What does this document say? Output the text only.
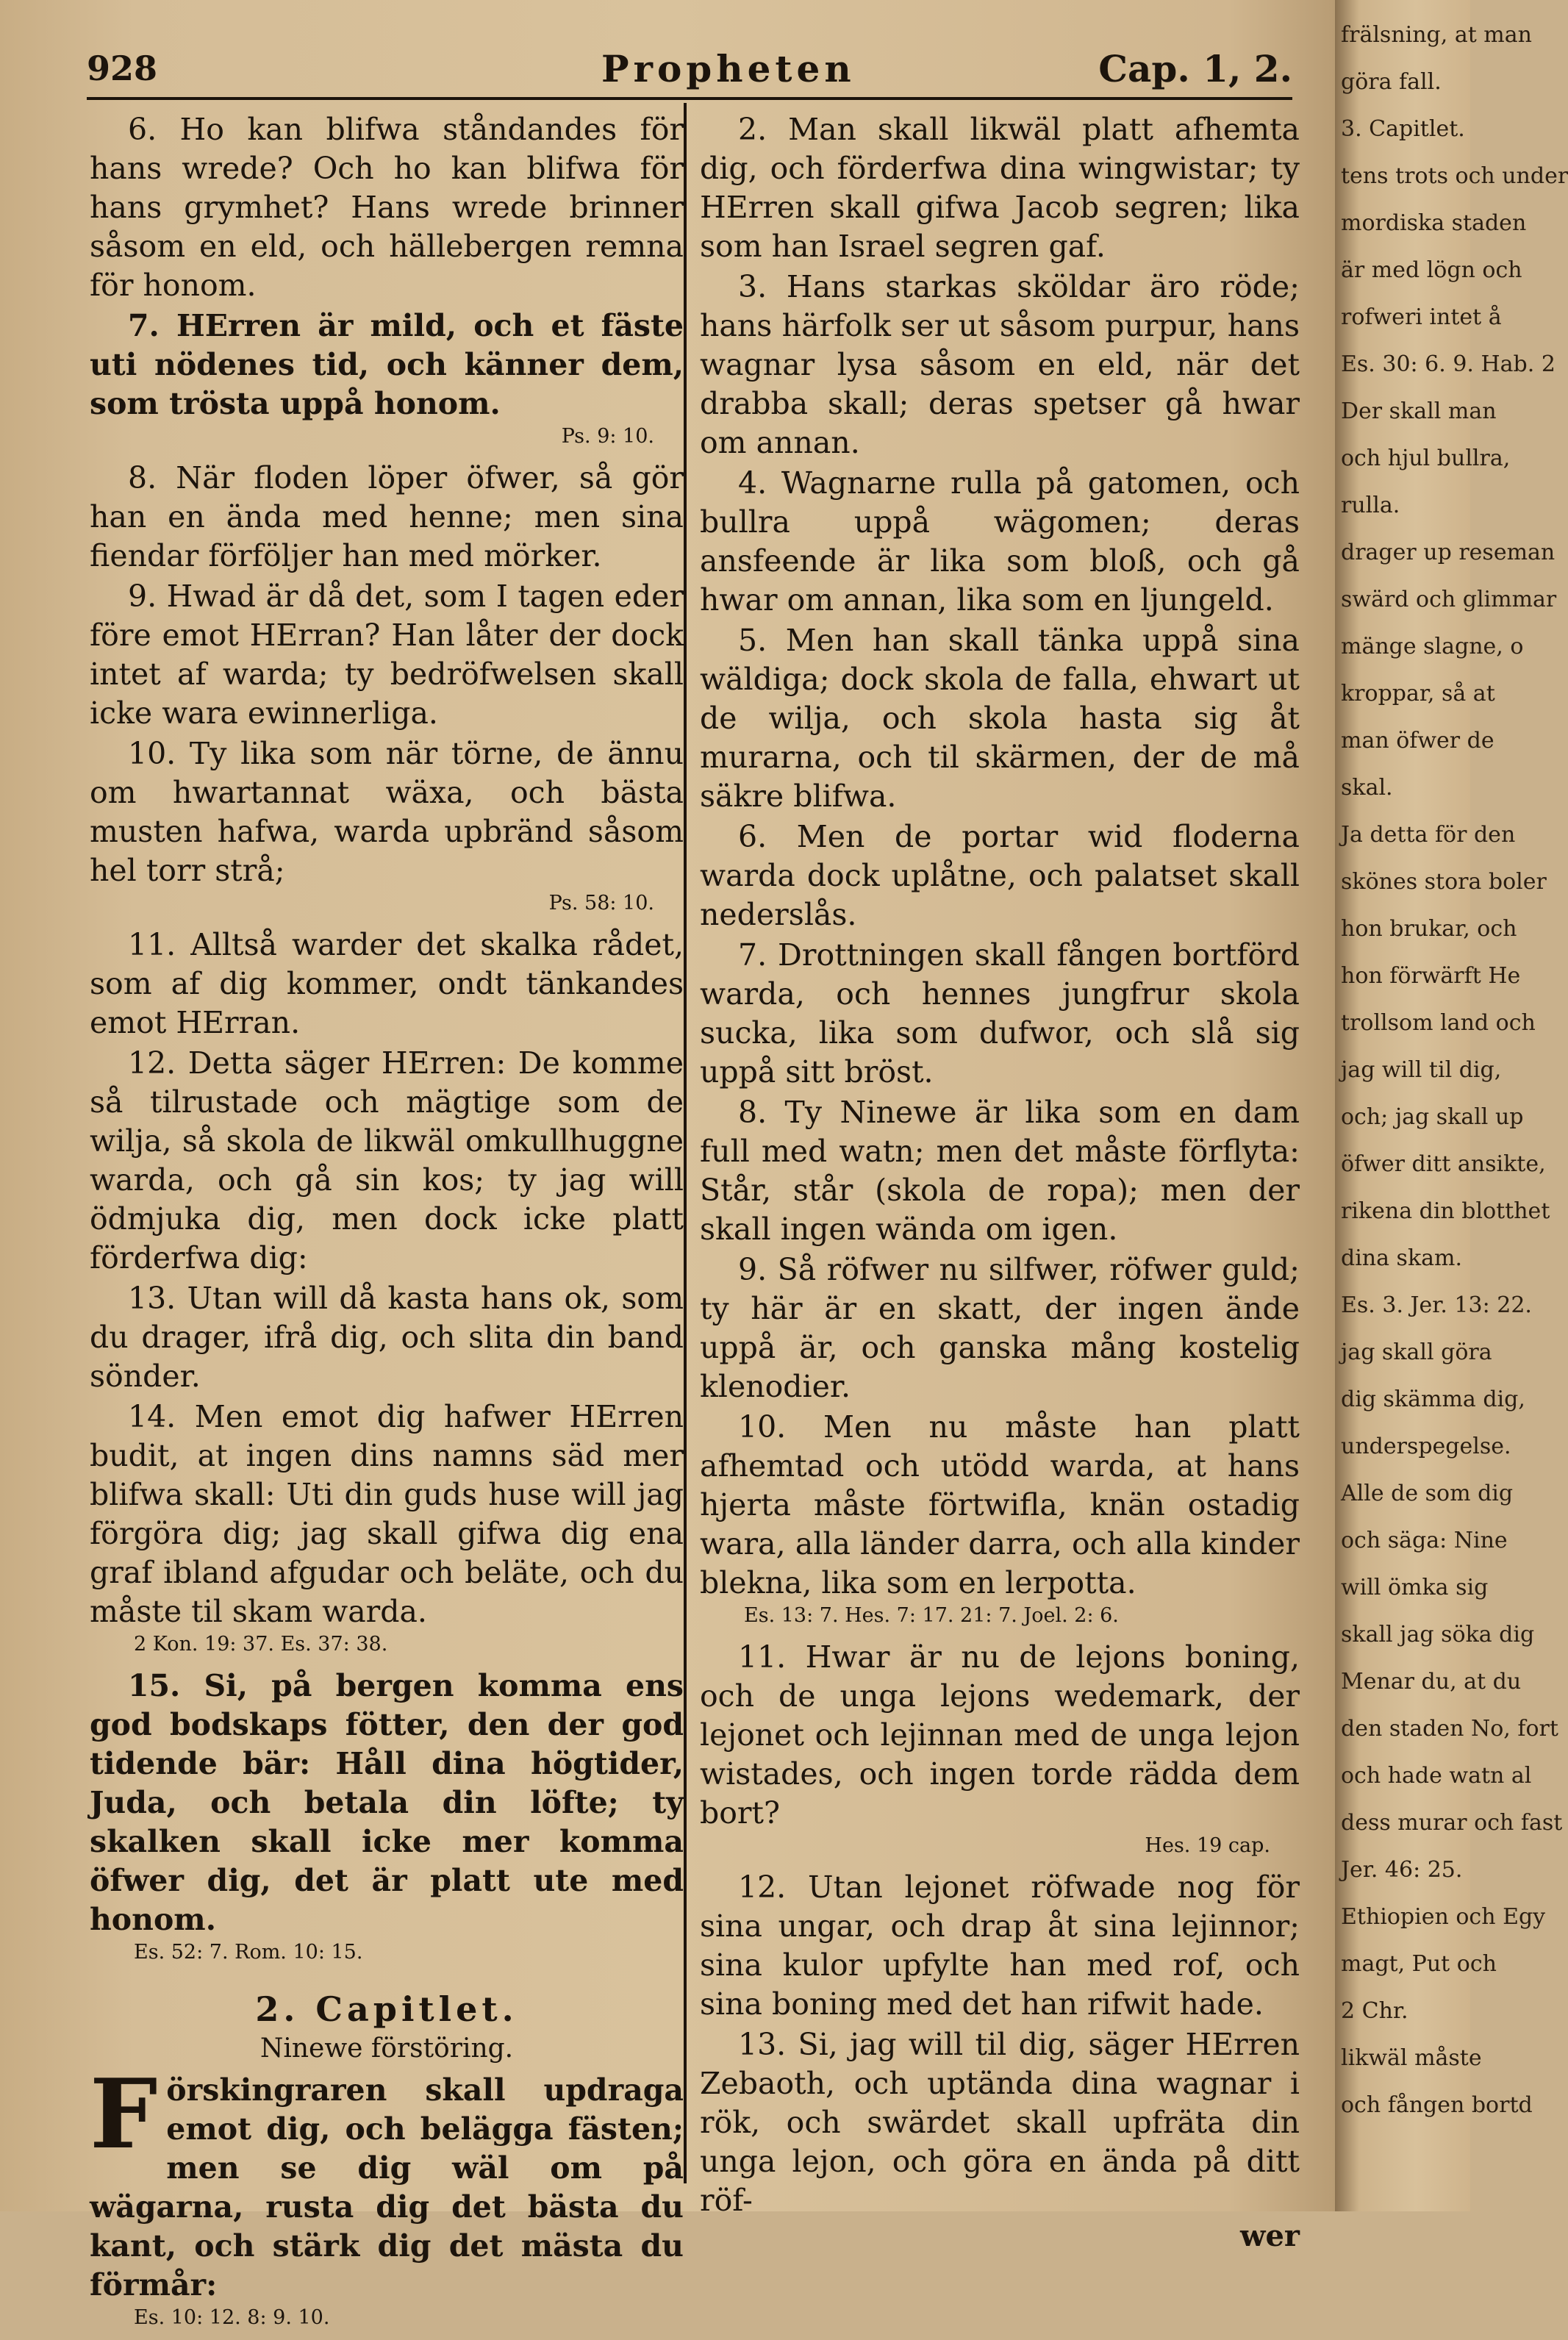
928	Propheten	Cap. 1, 2.

6. Ho kan blifwa ståndandes för hans wrede? Och ho kan blifwa för hans grymhet? Hans wrede brinner såsom en eld, och hällebergen remna för honom.

7. HErren är mild, och et fäste uti nödenes tid, och känner dem, som trösta uppå honom.

Ps. 9: 10.

8. När floden löper öfwer, så gör han en ända med henne; men sina fiendar förföljer han med mörker.

9. Hwad är då det, som I tagen eder före emot HErran? Han låter der dock intet af warda; ty bedröfwelsen skall icke wara ewinnerliga.

10. Ty lika som när törne, de ännu om hwartannat wäxa, och bästa musten hafwa, warda upbränd såsom hel torr strå;

Ps. 58: 10.

11. Alltså warder det skalka rådet, som af dig kommer, ondt tänkandes emot HErran.

12. Detta säger HErren: De komme så tilrustade och mägtige som de wilja, så skola de likwäl omkullhuggne warda, och gå sin kos; ty jag will ödmjuka dig, men dock icke platt förderfwa dig:

13. Utan will då kasta hans ok, som du drager, ifrå dig, och slita din band sönder.

14. Men emot dig hafwer HErren budit, at ingen dins namns säd mer blifwa skall: Uti din guds huse will jag förgöra dig; jag skall gifwa dig ena graf ibland afgudar och beläte, och du måste til skam warda.

2 Kon. 19: 37. Es. 37: 38.

15. Si, på bergen komma ens god bodskaps fötter, den der god tidende bär: Håll dina högtider, Juda, och betala din löfte; ty skalken skall icke mer komma öfwer dig, det är platt ute med honom.

Es. 52: 7. Rom. 10: 15.
2. Capitlet.
Ninewe förstöring.

Förskingraren skall updraga emot dig, och belägga fästen; men se dig wäl om på wägarna, rusta dig det bästa du kant, och stärk dig det mästa du förmår:

Es. 10: 12. 8: 9. 10.

2. Man skall likwäl platt afhemta dig, och förderfwa dina wingwistar; ty HErren skall gifwa Jacob segren; lika som han Israel segren gaf.

3. Hans starkas sköldar äro röde; hans härfolk ser ut såsom purpur, hans wagnar lysa såsom en eld, när det drabba skall; deras spetser gå hwar om annan.

4. Wagnarne rulla på gatomen, och bullra uppå wägomen; deras ansfeende är lika som bloß, och gå hwar om annan, lika som en ljungeld.

5. Men han skall tänka uppå sina wäldiga; dock skola de falla, ehwart ut de wilja, och skola hasta sig åt murarna, och til skärmen, der de må säkre blifwa.

6. Men de portar wid floderna warda dock uplåtne, och palatset skall nederslås.

7. Drottningen skall fången bortförd warda, och hennes jungfrur skola sucka, lika som dufwor, och slå sig uppå sitt bröst.

8. Ty Ninewe är lika som en dam full med watn; men det måste förflyta: Står, står (skola de ropa); men der skall ingen wända om igen.

9. Så röfwer nu silfwer, röfwer guld; ty här är en skatt, der ingen ände uppå är, och ganska mång kostelig klenodier.

10. Men nu måste han platt afhemtad och utödd warda, at hans hjerta måste förtwifla, knän ostadig wara, alla länder darra, och alla kinder blekna, lika som en lerpotta.

Es. 13: 7. Hes. 7: 17. 21: 7. Joel. 2: 6.

11. Hwar är nu de lejons boning, och de unga lejons wedemark, der lejonet och lejinnan med de unga lejon wistades, och ingen torde rädda dem bort?

Hes. 19 cap.

12. Utan lejonet röfwade nog för sina ungar, och drap åt sina lejinnor; sina kulor upfylte han med rof, och sina boning med det han rifwit hade.

13. Si, jag will til dig, säger HErren Zebaoth, och uptända dina wagnar i rök, och swärdet skall upfräta din unga lejon, och göra en ända på ditt röf-

wer
frälsning, at man
göra fall.
3. Capitlet.
tens trots och under
mordiska staden
är med lögn och
rofweri intet å
Es. 30: 6. 9. Hab. 2
Der skall man
och hjul bullra,
rulla.
drager up reseman
swärd och glimmar
mänge slagne, o
kroppar, så at
man öfwer de
skal.
Ja detta för den
skönes stora boler
hon brukar, och
hon förwärft He
trollsom land och
jag will til dig,
och; jag skall up
öfwer ditt ansikte,
rikena din blotthet
dina skam.
Es. 3. Jer. 13: 22.
jag skall göra
dig skämma dig,
underspegelse.
Alle de som dig
och säga: Nine
will ömka sig
skall jag söka dig
Menar du, at du
den staden No, fort
och hade watn al
dess murar och fast
Jer. 46: 25.
Ethiopien och Egy
magt, Put och
2 Chr.
likwäl måste
och fången bortd
